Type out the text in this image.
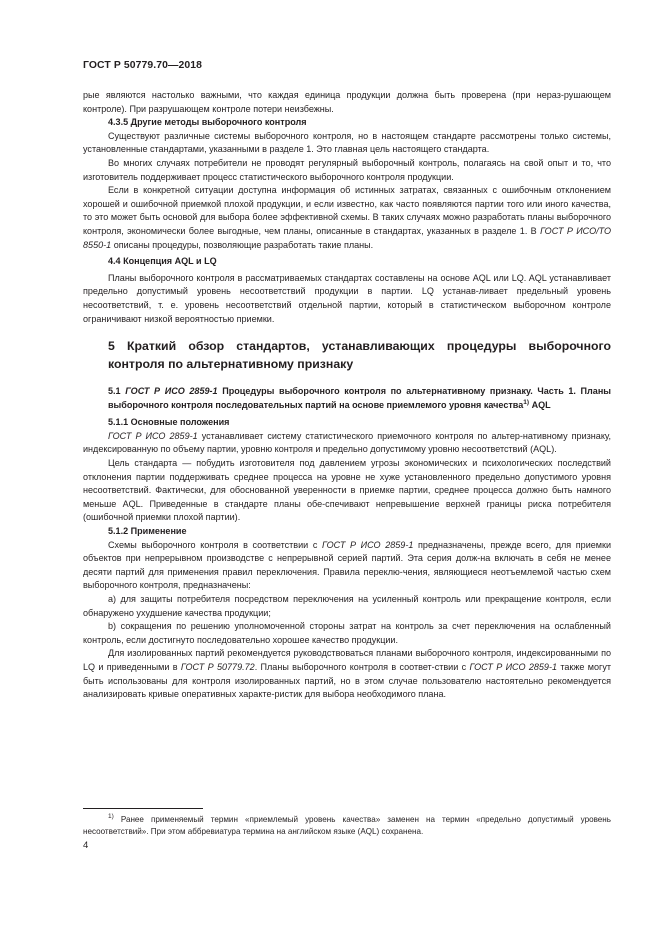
ГОСТ Р 50779.70—2018

рые являются настолько важными, что каждая единица продукции должна быть проверена (при нераз-рушающем контроле). При разрушающем контроле потери неизбежны.

4.3.5 Другие методы выборочного контроля

Существуют различные системы выборочного контроля, но в настоящем стандарте рассмотрены только системы, установленные стандартами, указанными в разделе 1. Это главная цель настоящего стандарта.

Во многих случаях потребители не проводят регулярный выборочный контроль, полагаясь на свой опыт и то, что изготовитель поддерживает процесс статистического выборочного контроля продукции.

Если в конкретной ситуации доступна информация об истинных затратах, связанных с ошибочным отклонением хорошей и ошибочной приемкой плохой продукции, и если известно, как часто появляются партии того или иного качества, то это может быть основой для выбора более эффективной схемы. В таких случаях можно разработать планы выборочного контроля, экономически более выгодные, чем планы, описанные в стандартах, указанных в разделе 1. В ГОСТ Р ИСО/ТО 8550-1 описаны процедуры, позволяющие разработать такие планы.

4.4 Концепция AQL и LQ

Планы выборочного контроля в рассматриваемых стандартах составлены на основе AQL или LQ. AQL устанавливает предельно допустимый уровень несоответствий продукции в партии. LQ устанав-ливает предельный уровень несоответствий, т. е. уровень несоответствий отдельной партии, который в статистическом выборочном контроле ограничивают низкой вероятностью приемки.

5 Краткий обзор стандартов, устанавливающих процедуры выборочного контроля по альтернативному признаку

5.1 ГОСТ Р ИСО 2859-1 Процедуры выборочного контроля по альтернативному признаку. Часть 1. Планы выборочного контроля последовательных партий на основе приемлемого уровня качества$^{1)}$ AQL

5.1.1 Основные положения

ГОСТ Р ИСО 2859-1 устанавливает систему статистического приемочного контроля по альтер-нативному признаку, индексированную по объему партии, уровню контроля и предельно допустимому уровню несоответствий (AQL).

Цель стандарта — побудить изготовителя под давлением угрозы экономических и психологических последствий отклонения партии поддерживать среднее процесса на уровне не хуже установленного предельно допустимого уровня несоответствий. Фактически, для обоснованной уверенности в приемке партии, среднее процесса должно быть намного меньше AQL. Приведенные в стандарте планы обе-спечивают непревышение верхней границы риска потребителя (ошибочной приемки плохой партии).

5.1.2 Применение

Схемы выборочного контроля в соответствии с ГОСТ Р ИСО 2859-1 предназначены, прежде всего, для приемки объектов при непрерывном производстве с непрерывной серией партий. Эта серия долж-на включать в себя не менее десяти партий для применения правил переключения. Правила переклю-чения, являющиеся неотъемлемой частью схем выборочного контроля, предназначены:

a) для защиты потребителя посредством переключения на усиленный контроль или прекращение контроля, если обнаружено ухудшение качества продукции;

b) сокращения по решению уполномоченной стороны затрат на контроль за счет переключения на ослабленный контроль, если достигнуто последовательно хорошее качество продукции.

Для изолированных партий рекомендуется руководствоваться планами выборочного контроля, индексированными по LQ и приведенными в ГОСТ Р 50779.72. Планы выборочного контроля в соответ-ствии с ГОСТ Р ИСО 2859-1 также могут быть использованы для контроля изолированных партий, но в этом случае пользователю настоятельно рекомендуется анализировать кривые оперативных характе-ристик для выбора необходимого плана.

$^{1)}$ Ранее применяемый термин «приемлемый уровень качества» заменен на термин «предельно допустимый уровень несоответствий». При этом аббревиатура термина на английском языке (AQL) сохранена.
4
